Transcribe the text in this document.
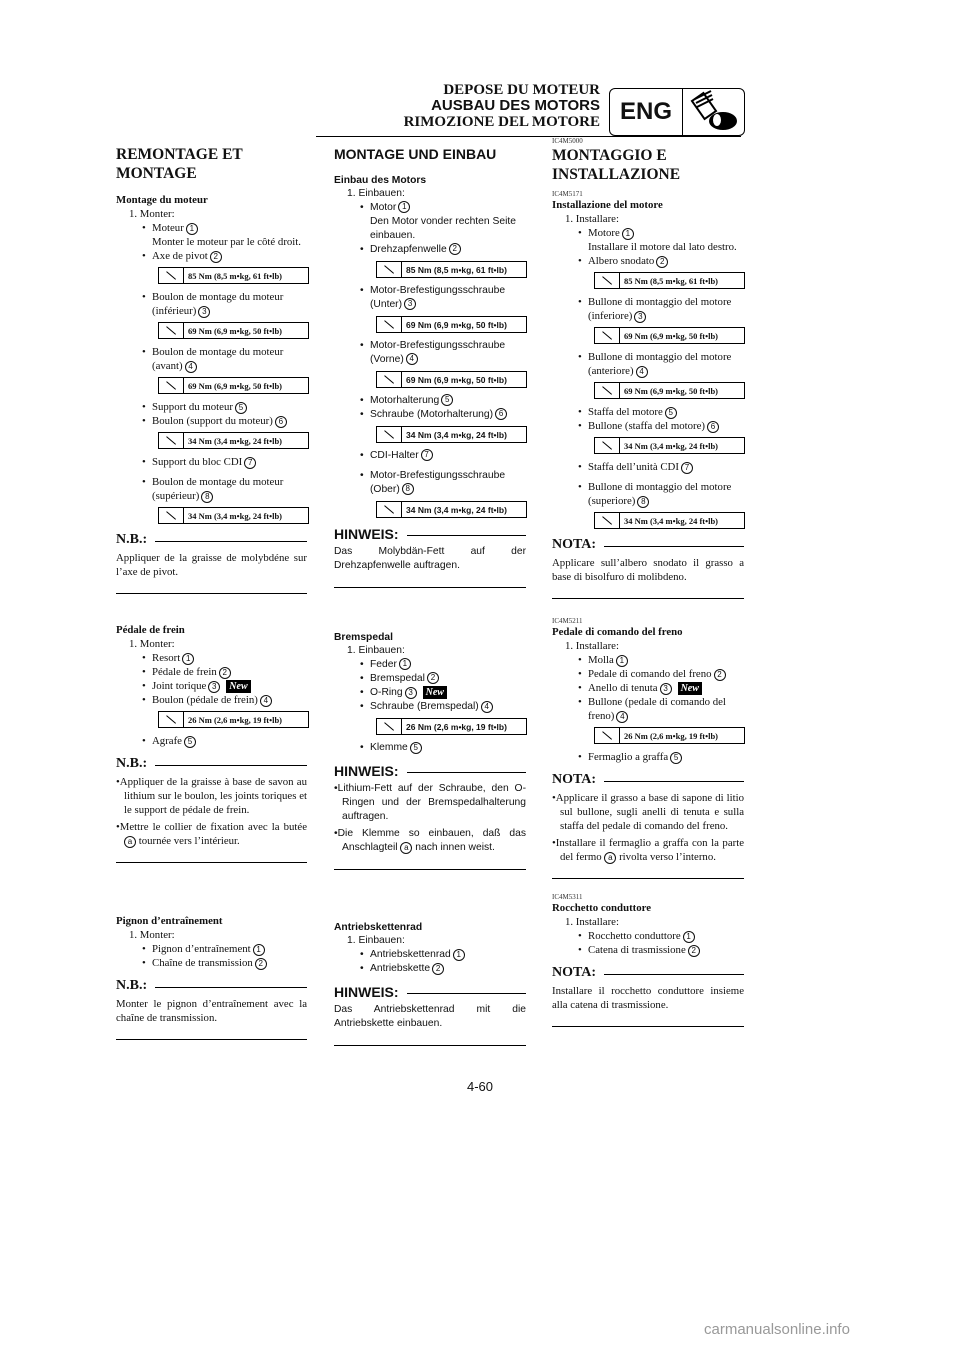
DEPOSE DU MOTEUR
AUSBAU DES MOTORS
RIMOZIONE DEL MOTORE ENG
REMONTAGE ET MONTAGE
Montage du moteur
1. Monter:
• Moteur 1
Monter le moteur par le côté droit.
• Axe de pivot 2
85 Nm (8,5 m•kg, 61 ft•lb)
• Boulon de montage du moteur (inférieur) 3
69 Nm (6,9 m•kg, 50 ft•lb)
• Boulon de montage du moteur (avant) 4
69 Nm (6,9 m•kg, 50 ft•lb)
• Support du moteur 5
• Boulon (support du moteur) 6
34 Nm (3,4 m•kg, 24 ft•lb)
• Support du bloc CDI 7
• Boulon de montage du moteur (supérieur) 8
34 Nm (3,4 m•kg, 24 ft•lb)
N.B.:
Appliquer de la graisse de molybdéne sur l’axe de pivot.
Pédale de frein
1. Monter:
• Resort 1
• Pédale de frein 2
• Joint torique 3 New
• Boulon (pédale de frein) 4
26 Nm (2,6 m•kg, 19 ft•lb)
• Agrafe 5
N.B.:
•Appliquer de la graisse à base de savon au lithium sur le boulon, les joints toriques et le support de pédale de frein.
•Mettre le collier de fixation avec la butée a tournée vers l’intérieur.
Pignon d’entraînement
1. Monter:
• Pignon d’entraînement 1
• Chaîne de transmission 2
N.B.:
Monter le pignon d’entraînement avec la chaîne de transmission.
MONTAGE UND EINBAU
Einbau des Motors
1. Einbauen:
• Motor 1
Den Motor vonder rechten Seite einbauen.
• Drehzapfenwelle 2
85 Nm (8,5 m•kg, 61 ft•lb)
• Motor-Brefestigungsschraube (Unter) 3
69 Nm (6,9 m•kg, 50 ft•lb)
• Motor-Brefestigungsschraube (Vorne) 4
69 Nm (6,9 m•kg, 50 ft•lb)
• Motorhalterung 5
• Schraube (Motorhalterung) 6
34 Nm (3,4 m•kg, 24 ft•lb)
• CDI-Halter 7
• Motor-Brefestigungsschraube (Ober) 8
34 Nm (3,4 m•kg, 24 ft•lb)
HINWEIS:
Das Molybdän-Fett auf der Drehzapfenwelle auftragen.
Bremspedal
1. Einbauen:
• Feder 1
• Bremspedal 2
• O-Ring 3 New
• Schraube (Bremspedal) 4
26 Nm (2,6 m•kg, 19 ft•lb)
• Klemme 5
HINWEIS:
•Lithium-Fett auf der Schraube, den O-Ringen und der Bremspedalhalterung auftragen.
•Die Klemme so einbauen, daß das Anschlagteil a nach innen weist.
Antriebskettenrad
1. Einbauen:
• Antriebskettenrad 1
• Antriebskette 2
HINWEIS:
Das Antriebskettenrad mit die Antriebskette einbauen.
IC4M5000
MONTAGGIO E INSTALLAZIONE
IC4M5171
Installazione del motore
1. Installare:
• Motore 1
Installare il motore dal lato destro.
• Albero snodato 2
85 Nm (8,5 m•kg, 61 ft•lb)
• Bullone di montaggio del motore (inferiore) 3
69 Nm (6,9 m•kg, 50 ft•lb)
• Bullone di montaggio del motore (anteriore) 4
69 Nm (6,9 m•kg, 50 ft•lb)
• Staffa del motore 5
• Bullone (staffa del motore) 6
34 Nm (3,4 m•kg, 24 ft•lb)
• Staffa dell’unità CDI 7
• Bullone di montaggio del motore (superiore) 8
34 Nm (3,4 m•kg, 24 ft•lb)
NOTA:
Applicare sull’albero snodato il grasso a base di bisolfuro di molibdeno.
IC4M5211
Pedale di comando del freno
1. Installare:
• Molla 1
• Pedale di comando del freno 2
• Anello di tenuta 3 New
• Bullone (pedale di comando del freno) 4
26 Nm (2,6 m•kg, 19 ft•lb)
• Fermaglio a graffa 5
NOTA:
•Applicare il grasso a base di sapone di litio sul bullone, sugli anelli di tenuta e sulla staffa del pedale di comando del freno.
•Installare il fermaglio a graffa con la parte del fermo a rivolta verso l’interno.
IC4M5311
Rocchetto conduttore
1. Installare:
• Rocchetto conduttore 1
• Catena di trasmissione 2
NOTA:
Installare il rocchetto conduttore insieme alla catena di trasmissione.
4-60
carmanualsonline.info
